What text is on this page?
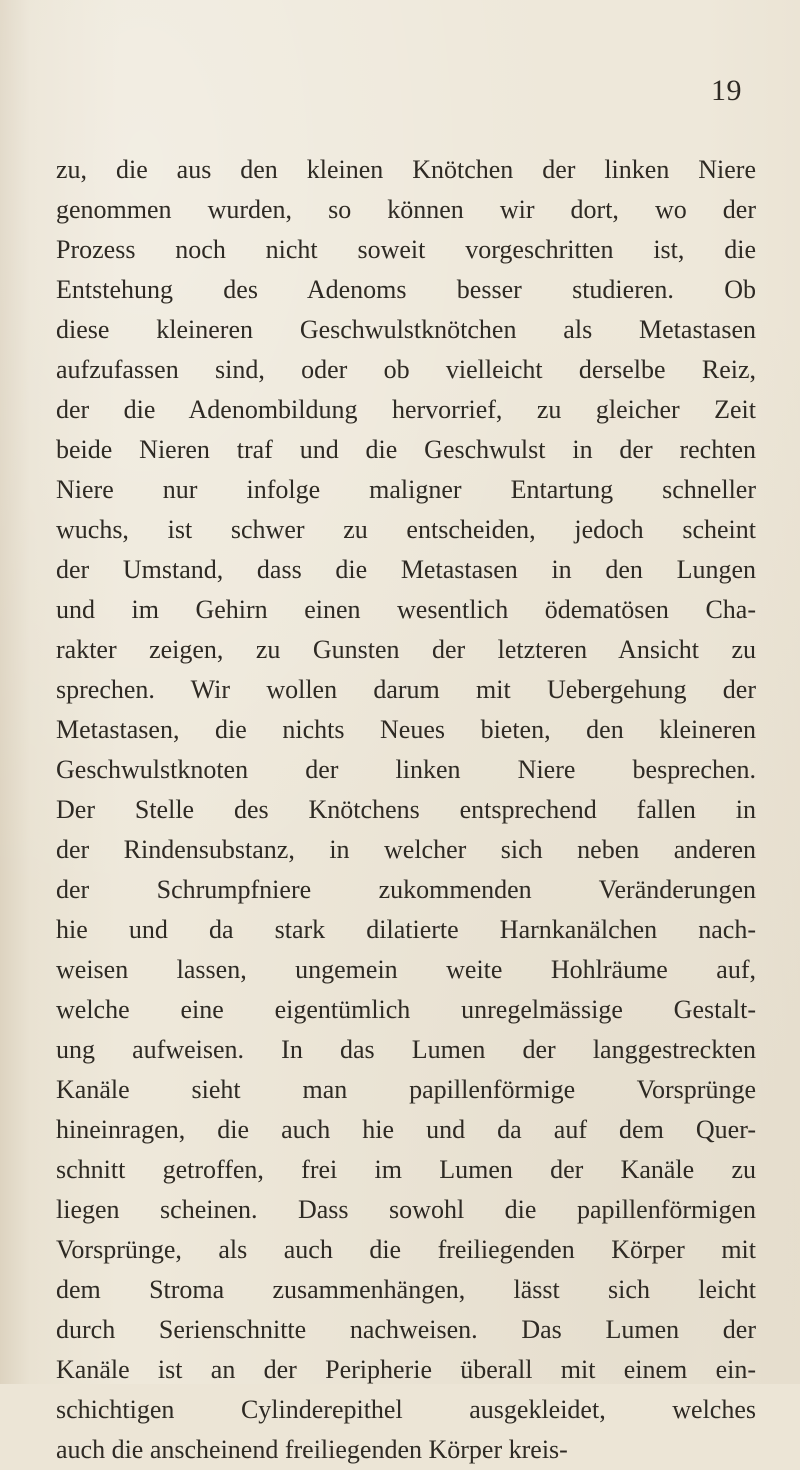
19
zu, die aus den kleinen Knötchen der linken Niere
genommen wurden, so können wir dort, wo der
Prozess noch nicht soweit vorgeschritten ist, die
Entstehung des Adenoms besser studieren. Ob
diese kleineren Geschwulstknötchen als Metastasen
aufzufassen sind, oder ob vielleicht derselbe Reiz,
der die Adenombildung hervorrief, zu gleicher Zeit
beide Nieren traf und die Geschwulst in der rechten
Niere nur infolge maligner Entartung schneller
wuchs, ist schwer zu entscheiden, jedoch scheint
der Umstand, dass die Metastasen in den Lungen
und im Gehirn einen wesentlich ödematösen Cha-
rakter zeigen, zu Gunsten der letzteren Ansicht zu
sprechen. Wir wollen darum mit Uebergehung der
Metastasen, die nichts Neues bieten, den kleineren
Geschwulstknoten der linken Niere besprechen.
Der Stelle des Knötchens entsprechend fallen in
der Rindensubstanz, in welcher sich neben anderen
der Schrumpfniere zukommenden Veränderungen
hie und da stark dilatierte Harnkanälchen nach-
weisen lassen, ungemein weite Hohlräume auf,
welche eine eigentümlich unregelmässige Gestalt-
ung aufweisen. In das Lumen der langgestreckten
Kanäle sieht man papillenförmige Vorsprünge
hineinragen, die auch hie und da auf dem Quer-
schnitt getroffen, frei im Lumen der Kanäle zu
liegen scheinen. Dass sowohl die papillenförmigen
Vorsprünge, als auch die freiliegenden Körper mit
dem Stroma zusammenhängen, lässt sich leicht
durch Serienschnitte nachweisen. Das Lumen der
Kanäle ist an der Peripherie überall mit einem ein-
schichtigen Cylinderepithel ausgekleidet, welches
auch die anscheinend freiliegenden Körper kreis-
